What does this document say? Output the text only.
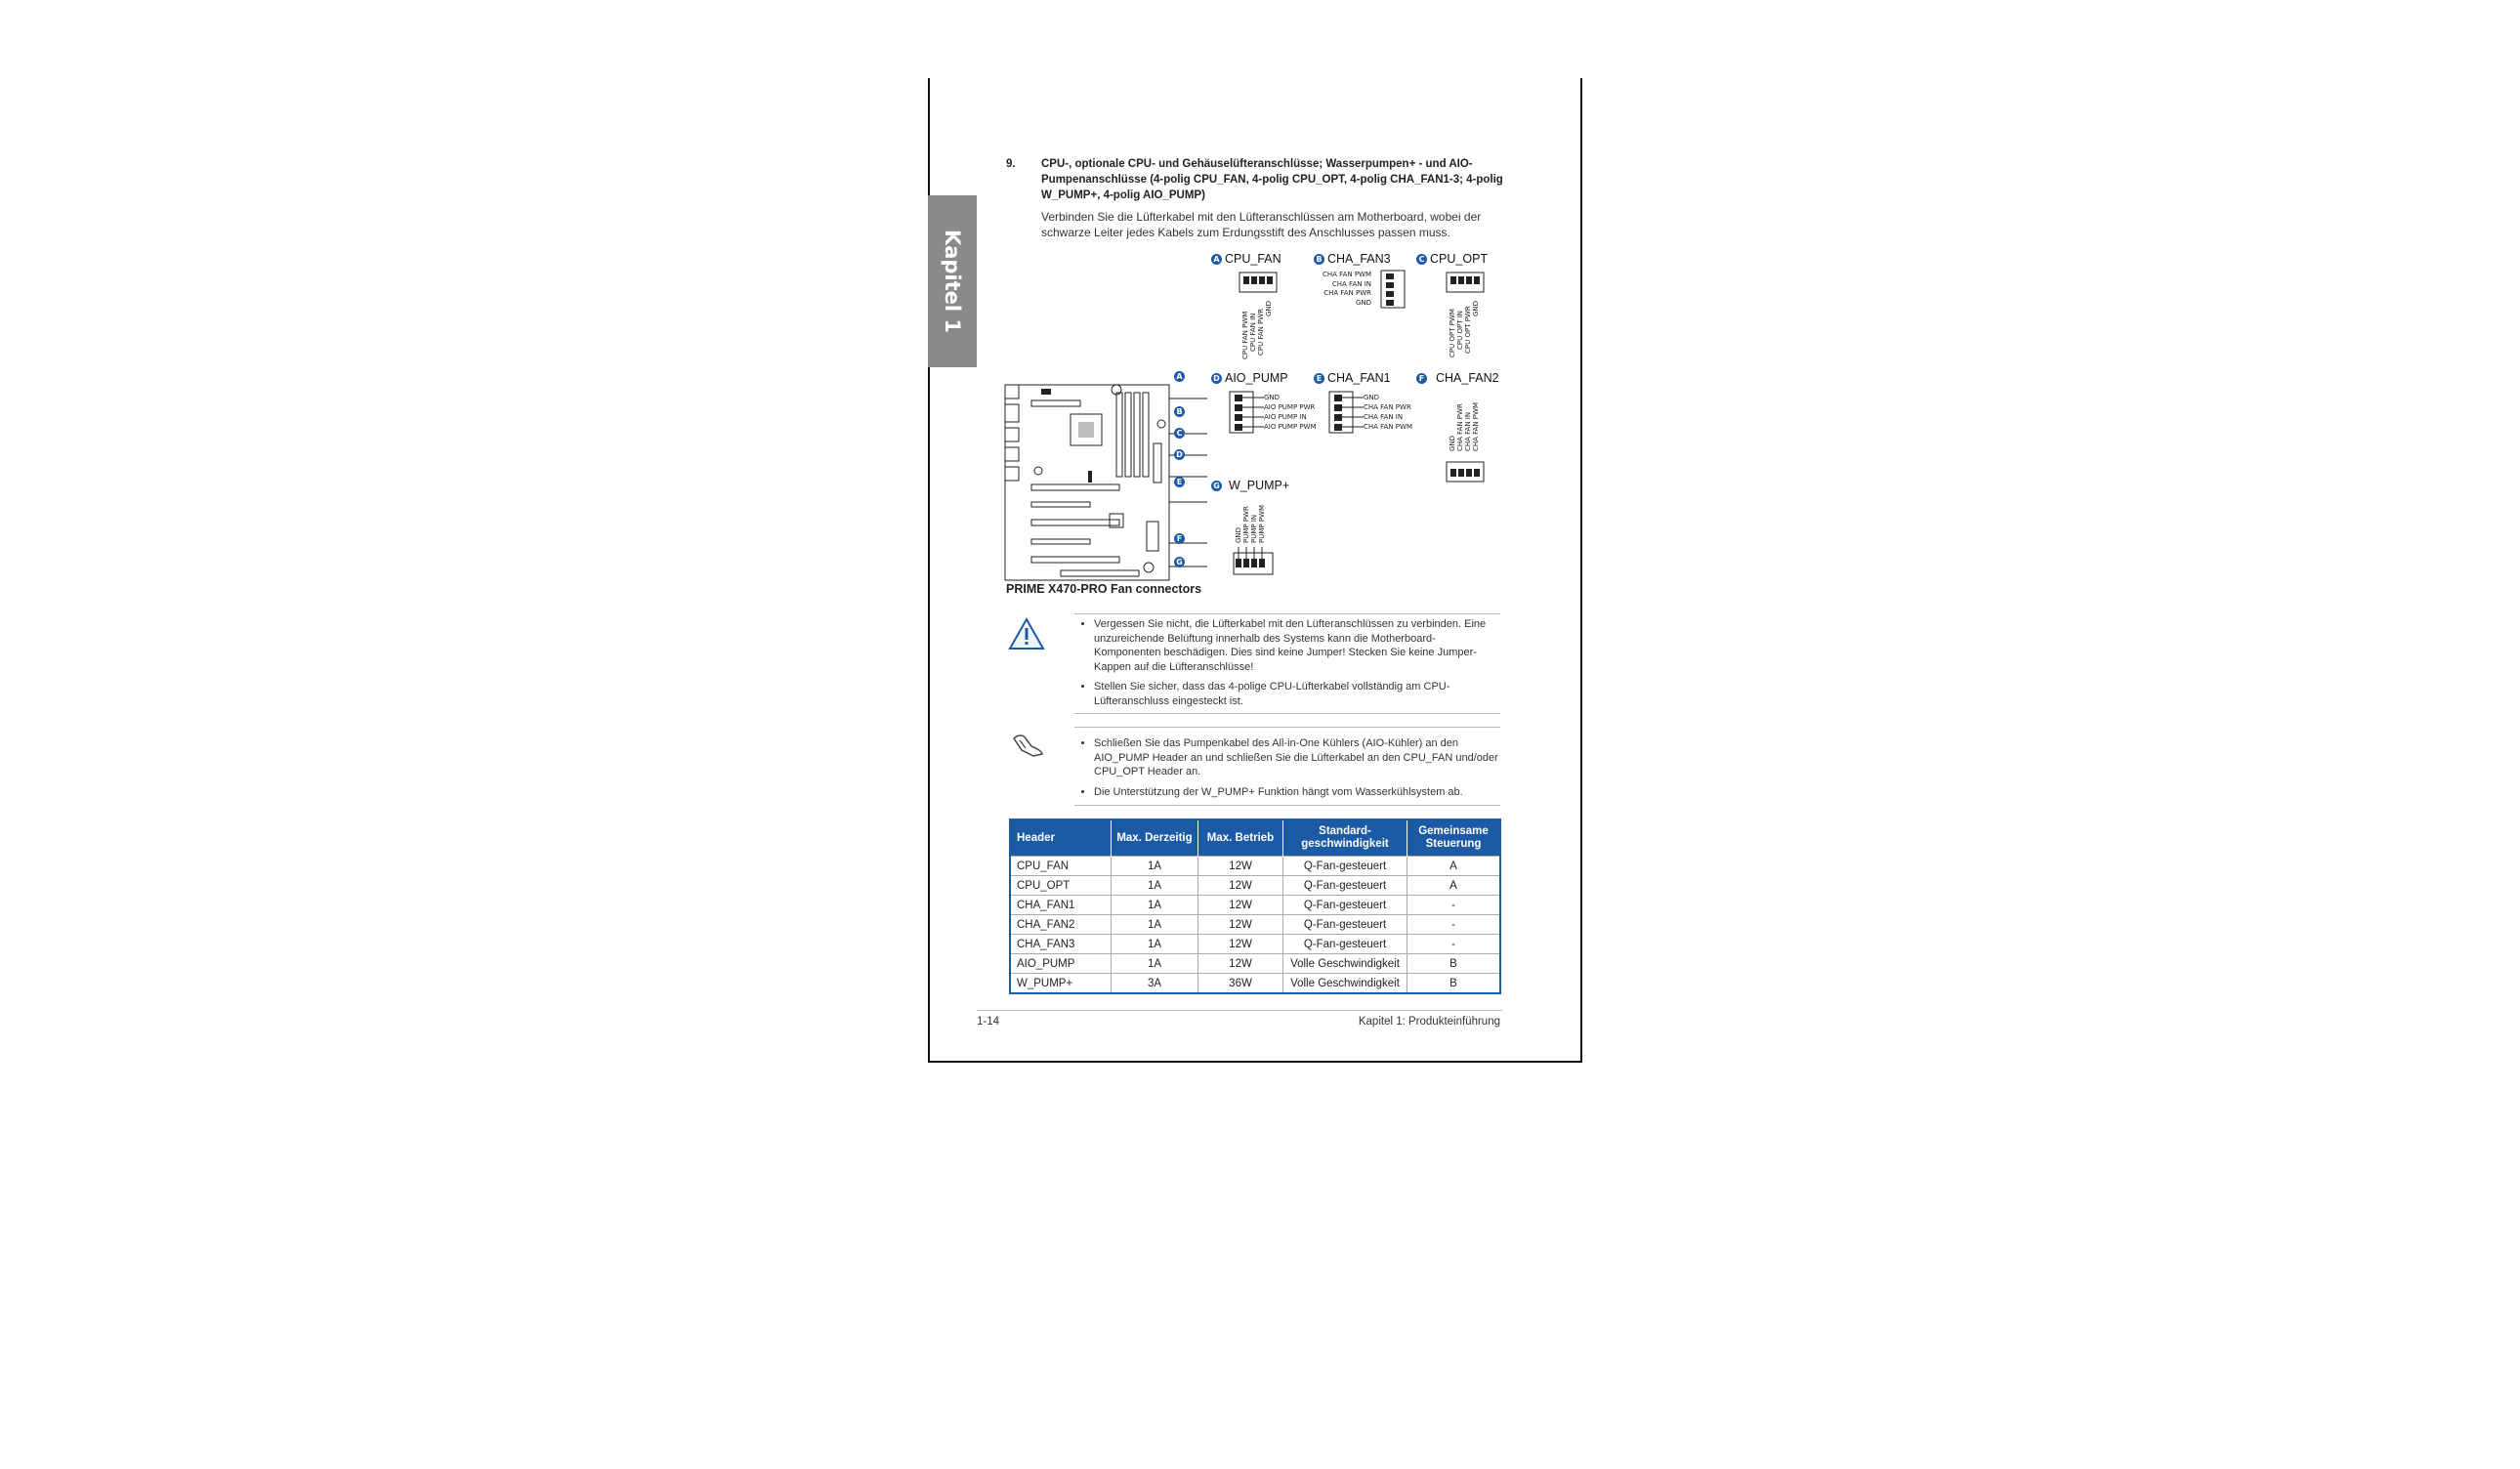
Kapitel 1
9. CPU-, optionale CPU- und Gehäuselüfteranschlüsse; Wasserpumpen+ - und AIO-Pumpenanschlüsse (4-polig CPU_FAN, 4-polig CPU_OPT, 4-polig CHA_FAN1-3; 4-polig W_PUMP+, 4-polig AIO_PUMP)
Verbinden Sie die Lüfterkabel mit den Lüfteranschlüssen am Motherboard, wobei der schwarze Leiter jedes Kabels zum Erdungsstift des Anschlusses passen muss.
A CPU_FAN
CPU FAN PWM CPU FAN IN CPU FAN PWR GND
B CHA_FAN3
CHA FAN PWM
CHA FAN IN
CHA FAN PWR
GND
C CPU_OPT
CPU OPT PWM CPU OPT IN CPU OPT PWR GND
D AIO_PUMP
GND
AIO PUMP PWR
AIO PUMP IN
AIO PUMP PWM
E CHA_FAN1
GND
CHA FAN PWR
CHA FAN IN
CHA FAN PWM
F CHA_FAN2
GND CHA FAN PWR CHA FAN IN CHA FAN PWM
G W_PUMP+
GND PUMP PWR PUMP IN PUMP PWM
A
B
C
D
E
F
G
PRIME X470-PRO Fan connectors
• Vergessen Sie nicht, die Lüfterkabel mit den Lüfteranschlüssen zu verbinden. Eine unzureichende Belüftung innerhalb des Systems kann die Motherboard-Komponenten beschädigen. Dies sind keine Jumper! Stecken Sie keine Jumper-Kappen auf die Lüfteranschlüsse!
• Stellen Sie sicher, dass das 4-polige CPU-Lüfterkabel vollständig am CPU-Lüfteranschluss eingesteckt ist.
• Schließen Sie das Pumpenkabel des All-in-One Kühlers (AIO-Kühler) an den AIO_PUMP Header an und schließen Sie die Lüfterkabel an den CPU_FAN und/oder CPU_OPT Header an.
• Die Unterstützung der W_PUMP+ Funktion hängt vom Wasserkühlsystem ab.
Header	Max. Derzeitig	Max. Betrieb	Standard-geschwindigkeit	Gemeinsame Steuerung
CPU_FAN	1A	12W	Q-Fan-gesteuert	A
CPU_OPT	1A	12W	Q-Fan-gesteuert	A
CHA_FAN1	1A	12W	Q-Fan-gesteuert	-
CHA_FAN2	1A	12W	Q-Fan-gesteuert	-
CHA_FAN3	1A	12W	Q-Fan-gesteuert	-
AIO_PUMP	1A	12W	Volle Geschwindigkeit	B
W_PUMP+	3A	36W	Volle Geschwindigkeit	B
1-14	Kapitel 1: Produkteinführung
